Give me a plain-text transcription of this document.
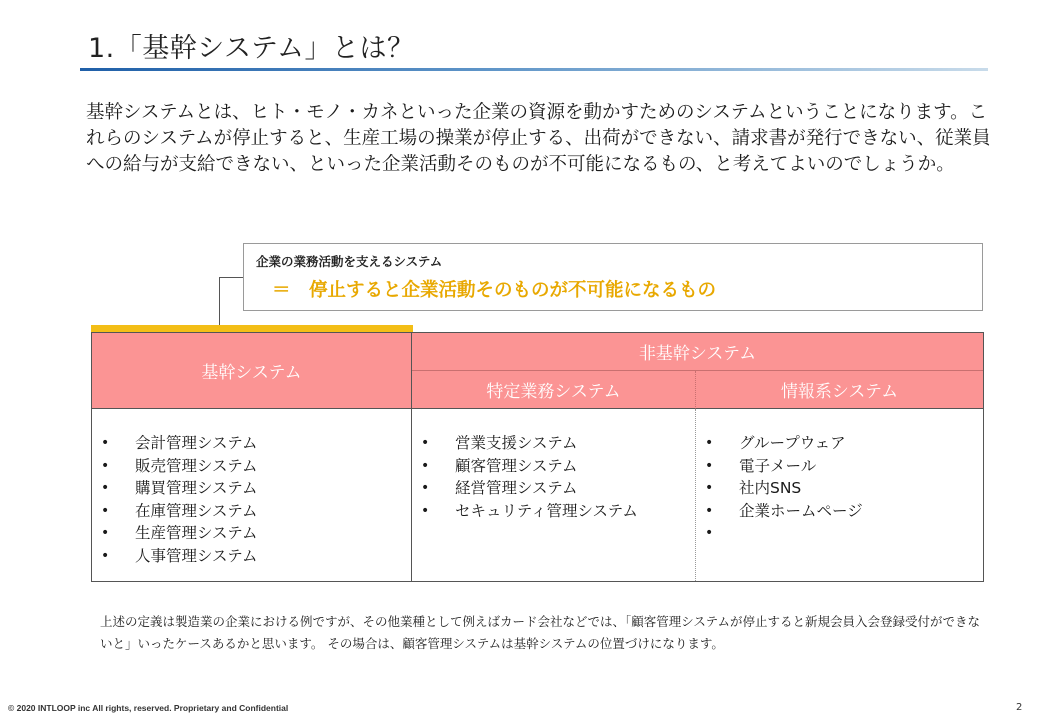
1.「基幹システム」とは？
基幹システムとは、ヒト・モノ・カネといった企業の資源を動かすためのシステムということになります。これらのシステムが停止すると、生産工場の操業が停止する、出荷ができない、請求書が発行できない、従業員への給与が支給できない、といった企業活動そのものが不可能になるもの、と考えてよいのでしょうか。
企業の業務活動を支えるシステム
＝　停止すると企業活動そのものが不可能になるもの
基幹システム
非基幹システム
特定業務システム	情報系システム
• 会計管理システム
• 販売管理システム
• 購買管理システム
• 在庫管理システム
• 生産管理システム
• 人事管理システム
• 営業支援システム
• 顧客管理システム
• 経営管理システム
• セキュリティ管理システム
• グループウェア
• 電子メール
• 社内SNS
• 企業ホームページ
•
上述の定義は製造業の企業における例ですが、その他業種として例えばカード会社などでは、「顧客管理システムが停止すると新規会員入会登録受付ができないと」いったケースあるかと思います。 その場合は、顧客管理システムは基幹システムの位置づけになります。
© 2020 INTLOOP inc All rights, reserved. Proprietary and Confidential	2
